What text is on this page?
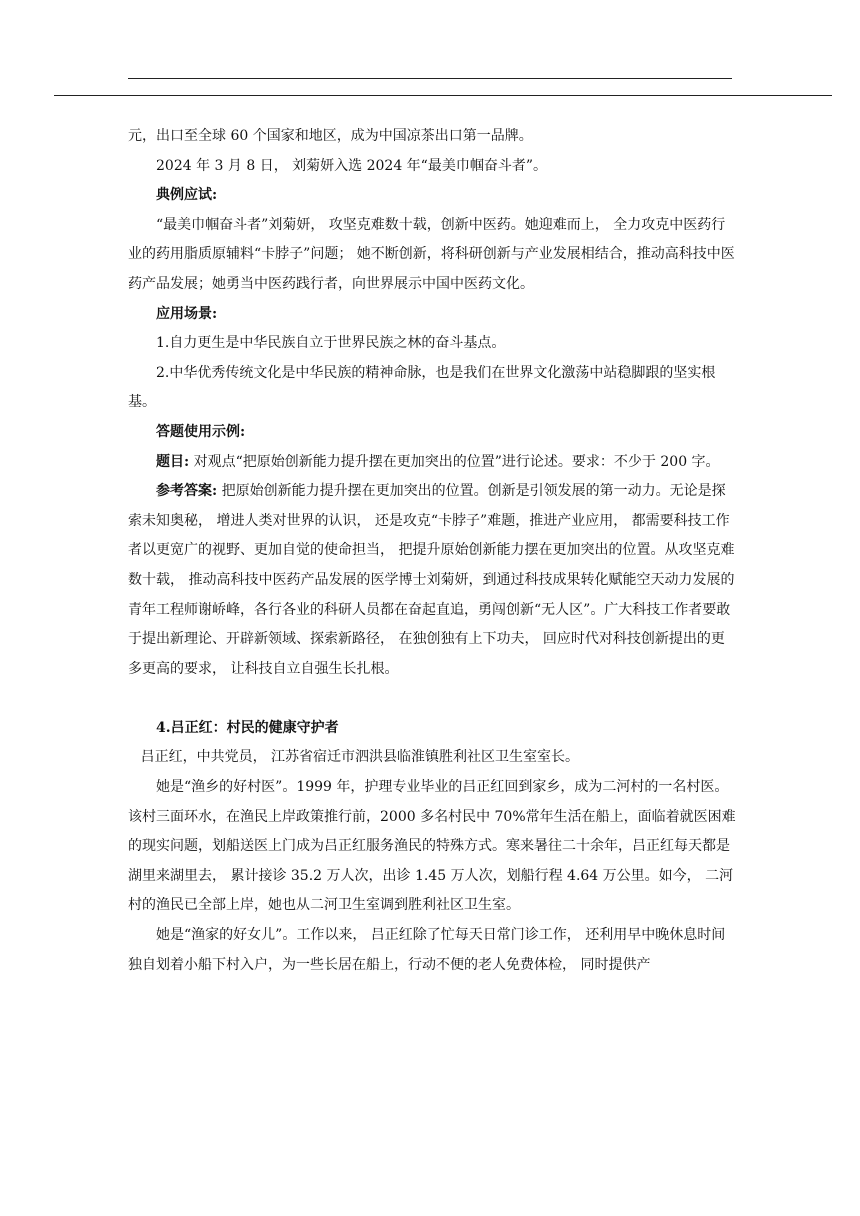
元，出口至全球 60 个国家和地区，成为中国凉茶出口第一品牌。

2024 年 3 月 8 日， 刘菊妍入选 2024 年“最美巾帼奋斗者”。

典例应试:

“最美巾帼奋斗者”刘菊妍， 攻坚克难数十载，创新中医药。她迎难而上， 全力攻克中医药行业的药用脂质原辅料“卡脖子”问题； 她不断创新，将科研创新与产业发展相结合，推动高科技中医药产品发展；她勇当中医药践行者，向世界展示中国中医药文化。

应用场景:

1.自力更生是中华民族自立于世界民族之林的奋斗基点。

2.中华优秀传统文化是中华民族的精神命脉，也是我们在世界文化激荡中站稳脚跟的坚实根基。

答题使用示例:

题目: 对观点“把原始创新能力提升摆在更加突出的位置”进行论述。要求：不少于 200 字。

参考答案: 把原始创新能力提升摆在更加突出的位置。创新是引领发展的第一动力。无论是探索未知奥秘， 增进人类对世界的认识， 还是攻克“卡脖子”难题，推进产业应用， 都需要科技工作者以更宽广的视野、更加自觉的使命担当， 把提升原始创新能力摆在更加突出的位置。从攻坚克难数十载， 推动高科技中医药产品发展的医学博士刘菊妍，到通过科技成果转化赋能空天动力发展的青年工程师谢峤峰，各行各业的科研人员都在奋起直追，勇闯创新“无人区”。广大科技工作者要敢于提出新理论、开辟新领域、探索新路径， 在独创独有上下功夫， 回应时代对科技创新提出的更多更高的要求， 让科技自立自强生长扎根。

4.吕正红：村民的健康守护者

吕正红，中共党员， 江苏省宿迁市泗洪县临淮镇胜利社区卫生室室长。

她是“渔乡的好村医”。1999 年，护理专业毕业的吕正红回到家乡，成为二河村的一名村医。该村三面环水，在渔民上岸政策推行前，2000 多名村民中 70%常年生活在船上，面临着就医困难的现实问题，划船送医上门成为吕正红服务渔民的特殊方式。寒来暑往二十余年，吕正红每天都是湖里来湖里去， 累计接诊 35.2 万人次，出诊 1.45 万人次，划船行程 4.64 万公里。如今， 二河村的渔民已全部上岸，她也从二河卫生室调到胜利社区卫生室。

她是“渔家的好女儿”。工作以来， 吕正红除了忙每天日常门诊工作， 还利用早中晚休息时间独自划着小船下村入户，为一些长居在船上，行动不便的老人免费体检， 同时提供产
